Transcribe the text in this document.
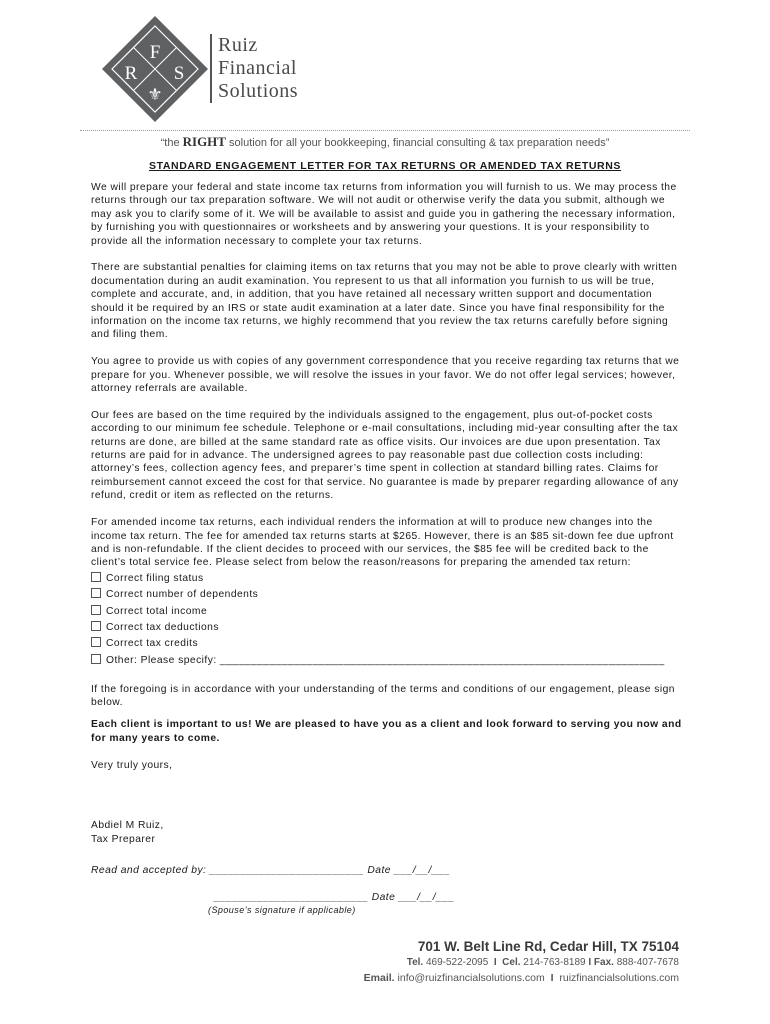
F
R S
⚜
Ruiz
Financial
Solutions
“the RIGHT solution for all your bookkeeping, financial consulting & tax preparation needs”
STANDARD ENGAGEMENT LETTER FOR TAX RETURNS OR AMENDED TAX RETURNS

We will prepare your federal and state income tax returns from information you will furnish to us. We may process the returns through our tax preparation software. We will not audit or otherwise verify the data you submit, although we may ask you to clarify some of it. We will be available to assist and guide you in gathering the necessary information, by furnishing you with questionnaires or worksheets and by answering your questions. It is your responsibility to provide all the information necessary to complete your tax returns.

There are substantial penalties for claiming items on tax returns that you may not be able to prove clearly with written documentation during an audit examination. You represent to us that all information you furnish to us will be true, complete and accurate, and, in addition, that you have retained all necessary written support and documentation should it be required by an IRS or state audit examination at a later date. Since you have final responsibility for the information on the income tax returns, we highly recommend that you review the tax returns carefully before signing and filing them.

You agree to provide us with copies of any government correspondence that you receive regarding tax returns that we prepare for you. Whenever possible, we will resolve the issues in your favor. We do not offer legal services; however, attorney referrals are available.

Our fees are based on the time required by the individuals assigned to the engagement, plus out-of-pocket costs according to our minimum fee schedule. Telephone or e-mail consultations, including mid-year consulting after the tax returns are done, are billed at the same standard rate as office visits. Our invoices are due upon presentation. Tax returns are paid for in advance. The undersigned agrees to pay reasonable past due collection costs including: attorney’s fees, collection agency fees, and preparer’s time spent in collection at standard billing rates. Claims for reimbursement cannot exceed the cost for that service. No guarantee is made by preparer regarding allowance of any refund, credit or item as reflected on the returns.

For amended income tax returns, each individual renders the information at will to produce new changes into the income tax return. The fee for amended tax returns starts at $265. However, there is an $85 sit-down fee due upfront and is non-refundable. If the client decides to proceed with our services, the $85 fee will be credited back to the client’s total service fee. Please select from below the reason/reasons for preparing the amended tax return:

Correct filing status
Correct number of dependents
Correct total income
Correct tax deductions
Correct tax credits
Other: Please specify: ________________________________________________________________________

If the foregoing is in accordance with your understanding of the terms and conditions of our engagement, please sign below.

Each client is important to us! We are pleased to have you as a client and look forward to serving you now and for many years to come.

Very truly yours,

Abdiel M Ruiz,
Tax Preparer
Read and accepted by: _________________________ Date ___/__/___
_________________________ Date ___/__/___
(Spouse’s signature if applicable)
701 W. Belt Line Rd, Cedar Hill, TX 75104
Tel. 469-522-2095 I Cel. 214-763-8189 I Fax. 888-407-7678
Email. info@ruizfinancialsolutions.com I ruizfinancialsolutions.com
